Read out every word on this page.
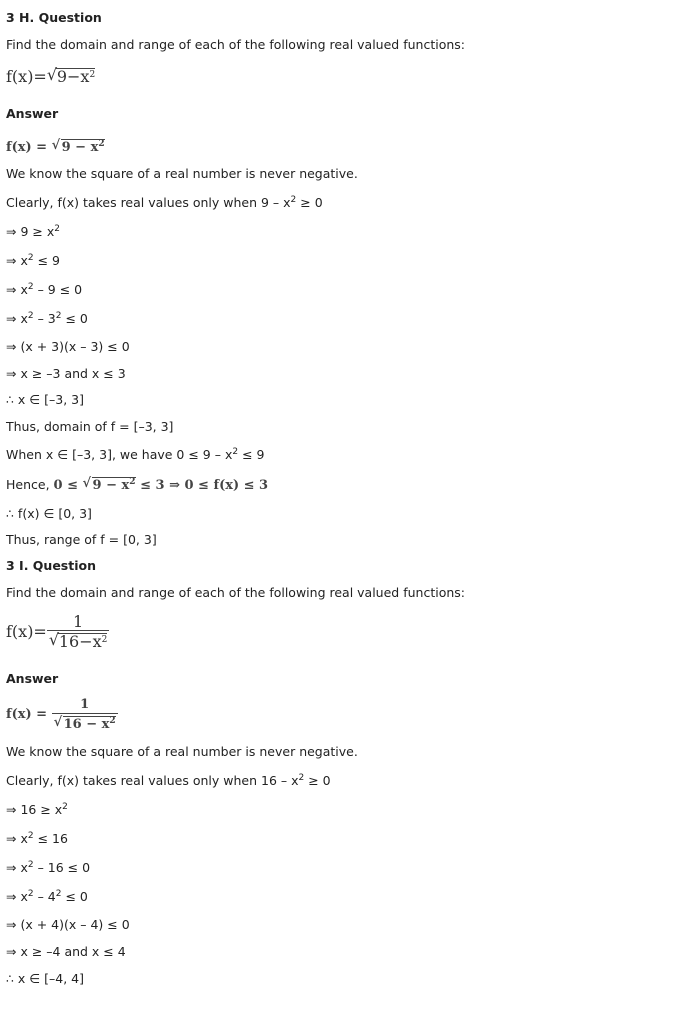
3 H. Question
Find the domain and range of each of the following real valued functions:
f(x)=√ $9-x^2$
Answer
f(x) = √ $9 - x^2$
We know the square of a real number is never negative.
Clearly, f(x) takes real values only when $9 - x^2 \ge 0$
⇒ $9 \ge x^2$
⇒ $x^2 \le 9$
⇒ $x^2 - 9 \le 0$
⇒ $x^2 - 3^2 \le 0$
⇒ (x + 3)(x – 3) ≤ 0
⇒ x ≥ –3 and x ≤ 3
∴ x ∈ [–3, 3]
Thus, domain of f = [–3, 3]
When x ∈ [–3, 3], we have $0 \le 9 - x^2 \le 9$
Hence, 0 ≤ √ $9 - x^2 \le 3$ ⇒ 0 ≤ f(x) ≤ 3
∴ f(x) ∈ [0, 3]
Thus, range of f = [0, 3]
3 I. Question
Find the domain and range of each of the following real valued functions:
f(x)= 1
√ $16-x^2$
Answer
f(x) = 1
√ $16 - x^2$
We know the square of a real number is never negative.
Clearly, f(x) takes real values only when $16 - x^2 \ge 0$
⇒ $16 \ge x^2$
⇒ $x^2 \le 16$
⇒ $x^2 - 16 \le 0$
⇒ $x^2 - 4^2 \le 0$
⇒ (x + 4)(x – 4) ≤ 0
⇒ x ≥ –4 and x ≤ 4
∴ x ∈ [–4, 4]
